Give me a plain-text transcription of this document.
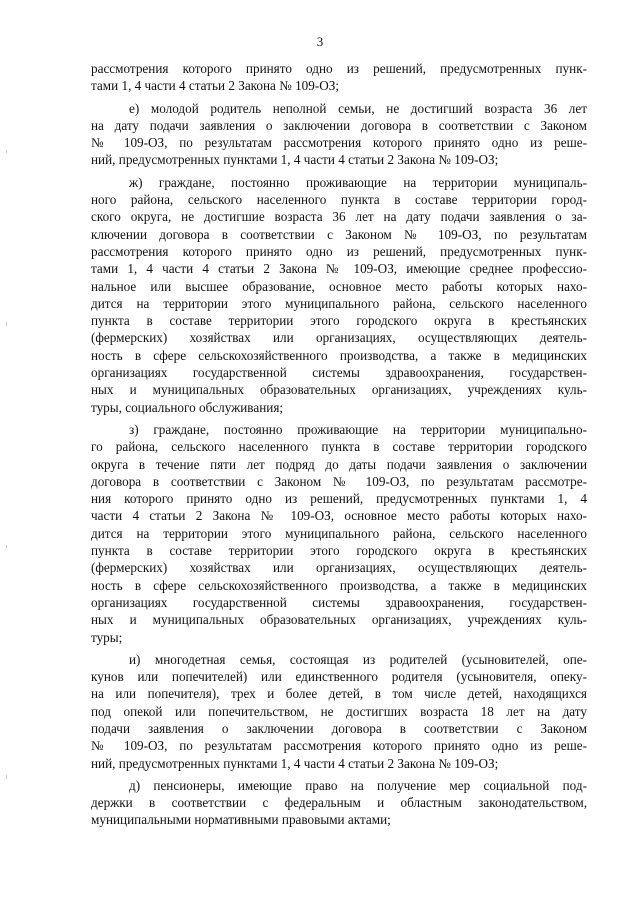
3
рассмотрения которого принято одно из решений, предусмотренных пунк-
тами 1, 4 части 4 статьи 2 Закона № 109-ОЗ;
е) молодой родитель неполной семьи, не достигший возраста 36 лет
на дату подачи заявления о заключении договора в соответствии с Законом
№ 109-ОЗ, по результатам рассмотрения которого принято одно из реше-
ний, предусмотренных пунктами 1, 4 части 4 статьи 2 Закона № 109-ОЗ;
ж) граждане, постоянно проживающие на территории муниципаль-
ного района, сельского населенного пункта в составе территории город-
ского округа, не достигшие возраста 36 лет на дату подачи заявления о за-
ключении договора в соответствии с Законом № 109-ОЗ, по результатам
рассмотрения которого принято одно из решений, предусмотренных пунк-
тами 1, 4 части 4 статьи 2 Закона № 109-ОЗ, имеющие среднее профессио-
нальное или высшее образование, основное место работы которых нахо-
дится на территории этого муниципального района, сельского населенного
пункта в составе территории этого городского округа в крестьянских
(фермерских) хозяйствах или организациях, осуществляющих деятель-
ность в сфере сельскохозяйственного производства, а также в медицинских
организациях государственной системы здравоохранения, государствен-
ных и муниципальных образовательных организациях, учреждениях куль-
туры, социального обслуживания;
з) граждане, постоянно проживающие на территории муниципально-
го района, сельского населенного пункта в составе территории городского
округа в течение пяти лет подряд до даты подачи заявления о заключении
договора в соответствии с Законом № 109-ОЗ, по результатам рассмотре-
ния которого принято одно из решений, предусмотренных пунктами 1, 4
части 4 статьи 2 Закона № 109-ОЗ, основное место работы которых нахо-
дится на территории этого муниципального района, сельского населенного
пункта в составе территории этого городского округа в крестьянских
(фермерских) хозяйствах или организациях, осуществляющих деятель-
ность в сфере сельскохозяйственного производства, а также в медицинских
организациях государственной системы здравоохранения, государствен-
ных и муниципальных образовательных организациях, учреждениях куль-
туры;
и) многодетная семья, состоящая из родителей (усыновителей, опе-
кунов или попечителей) или единственного родителя (усыновителя, опеку-
на или попечителя), трех и более детей, в том числе детей, находящихся
под опекой или попечительством, не достигших возраста 18 лет на дату
подачи заявления о заключении договора в соответствии с Законом
№ 109-ОЗ, по результатам рассмотрения которого принято одно из реше-
ний, предусмотренных пунктами 1, 4 части 4 статьи 2 Закона № 109-ОЗ;
д) пенсионеры, имеющие право на получение мер социальной под-
держки в соответствии с федеральным и областным законодательством,
муниципальными нормативными правовыми актами;
